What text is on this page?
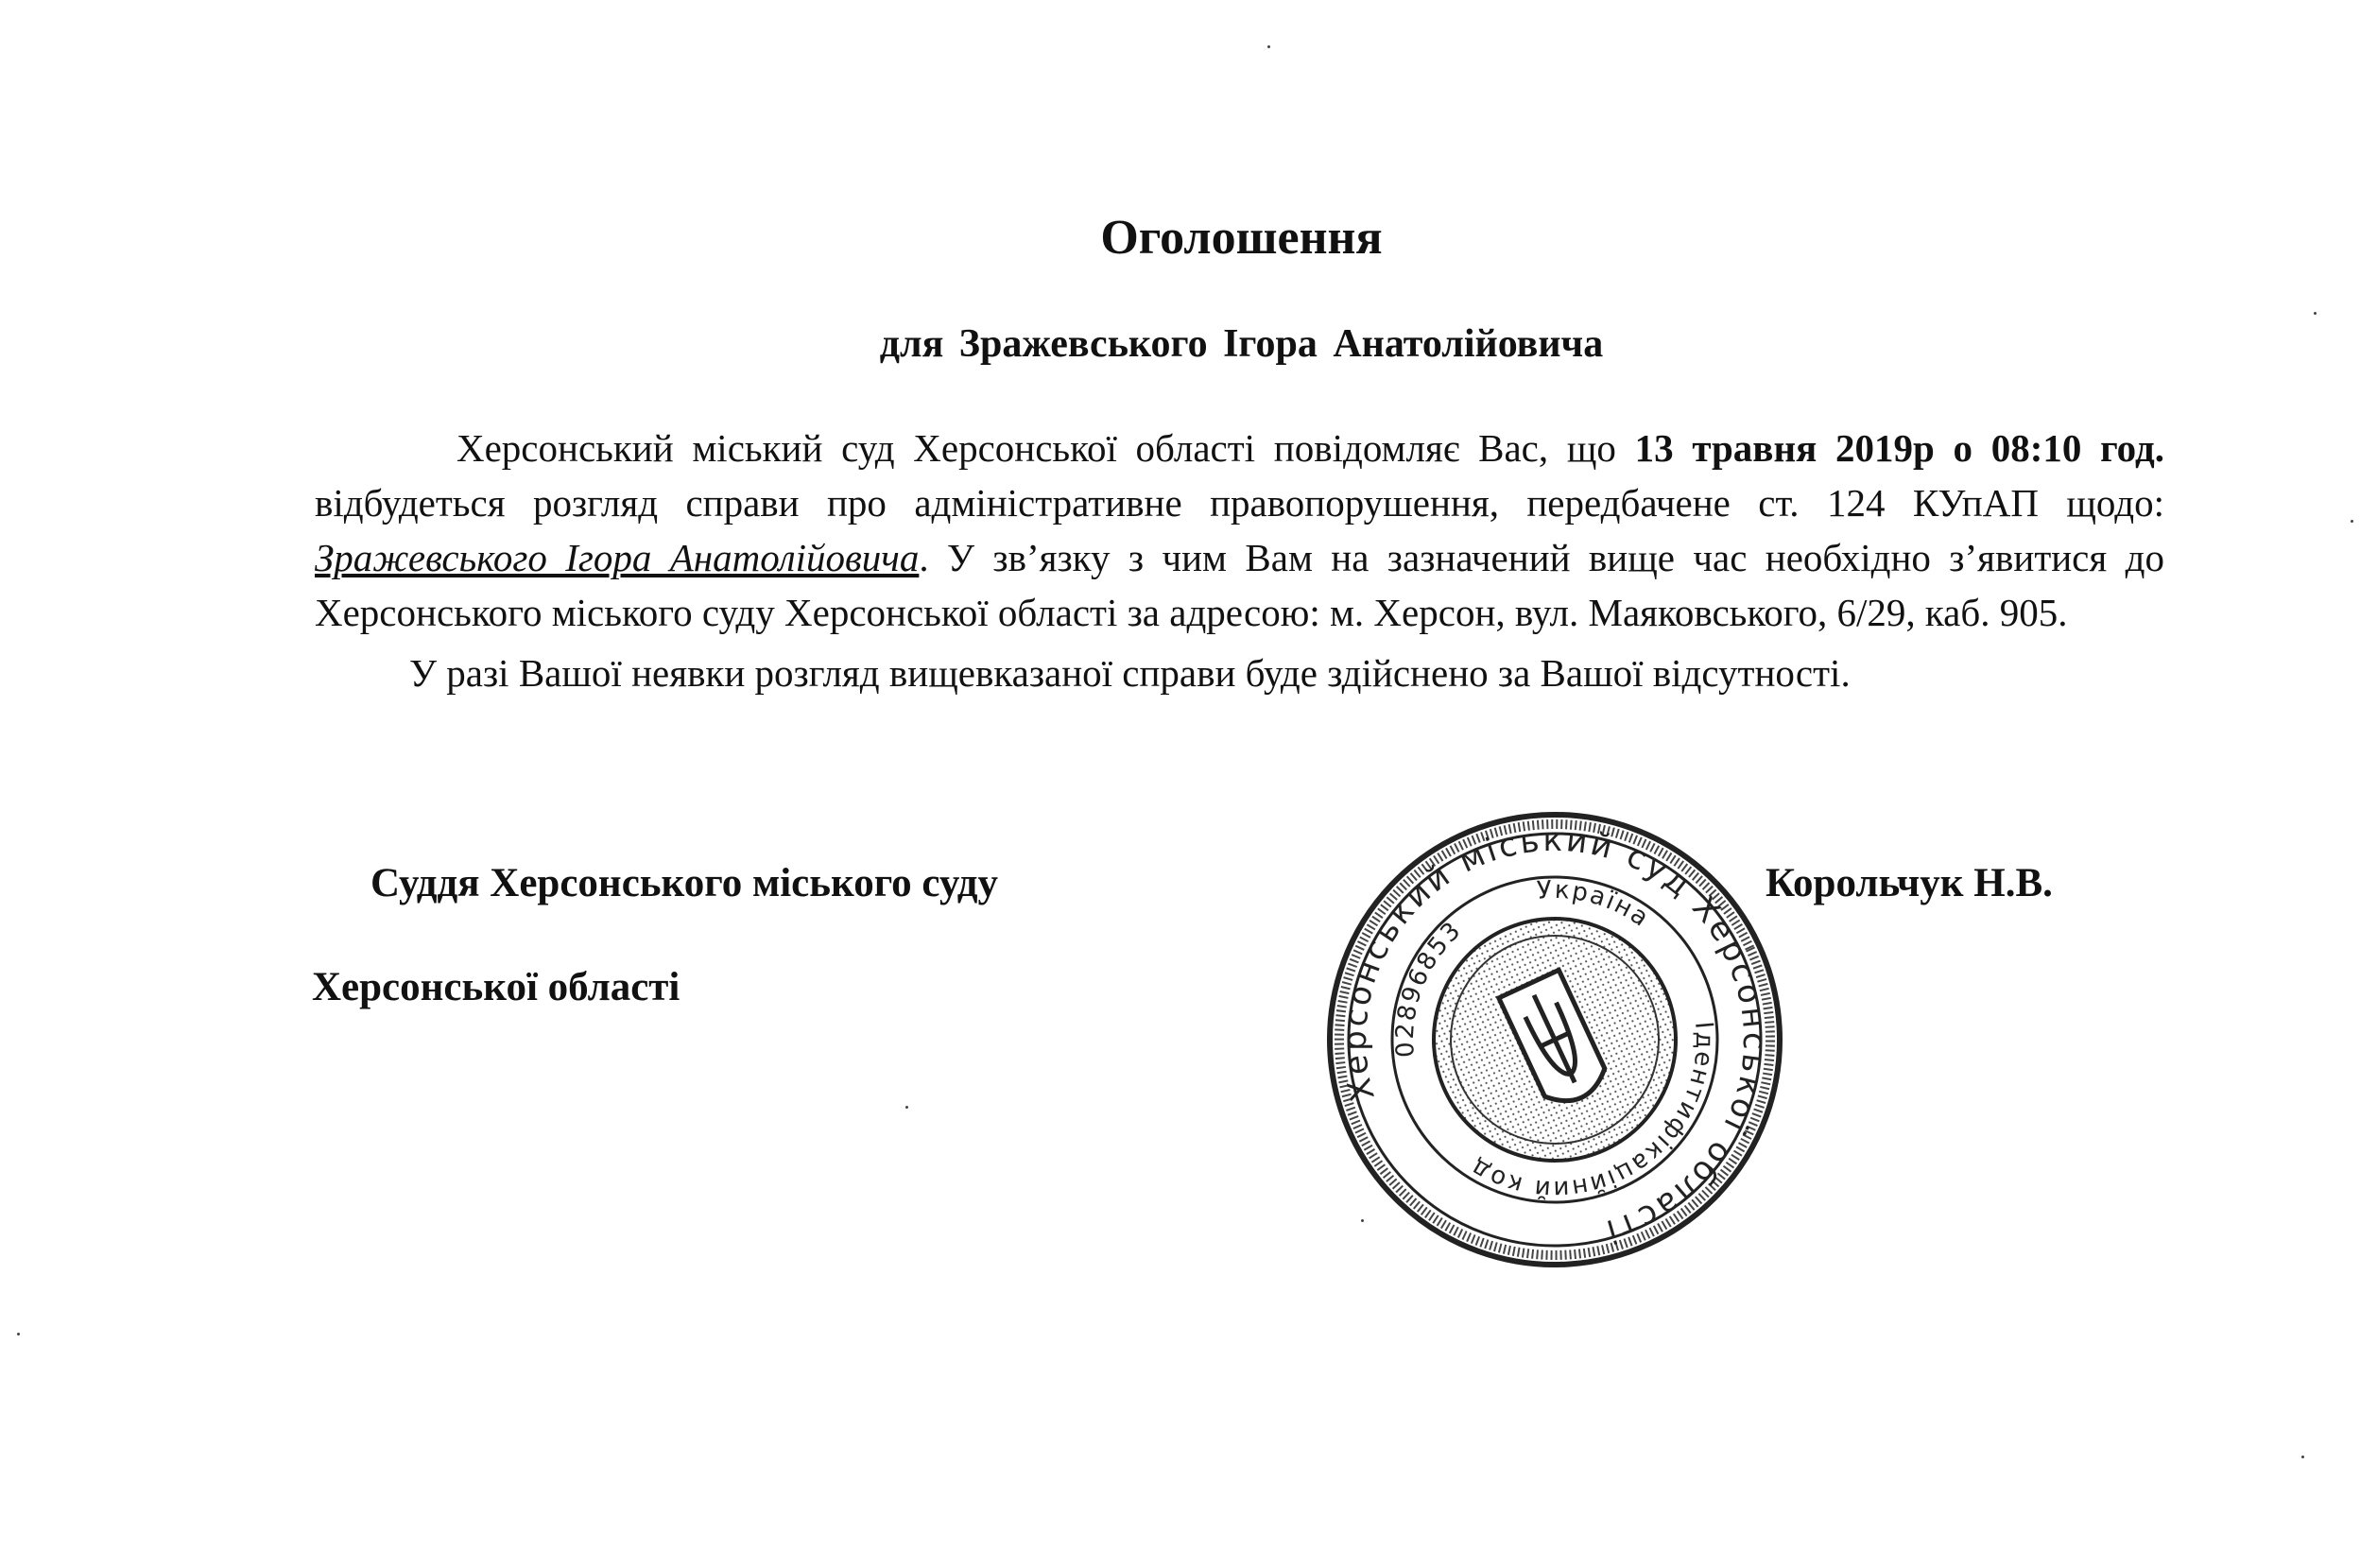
Оголошення
для Зражевського Ігора Анатолійовича

Херсонський міський суд Херсонської області повідомляє Вас, що 13 травня 2019р о 08:10 год. відбудеться розгляд справи про адміністративне правопорушення, передбачене ст. 124 КУпАП щодо: Зражевського Ігора Анатолійовича. У зв’язку з чим Вам на зазначений вище час необхідно з’явитися до Херсонського міського суду Херсонської області за адресою: м. Херсон, вул. Маяковського, 6/29, каб. 905.

У разі Вашої неявки розгляд вищевказаної справи буде здійснено за Вашої відсутності.

Суддя Херсонського міського суду
Херсонської області
Корольчук Н.В.
Херсонський міський суд Херсонської області
Ідентифікаційний код
02896853
Україна
